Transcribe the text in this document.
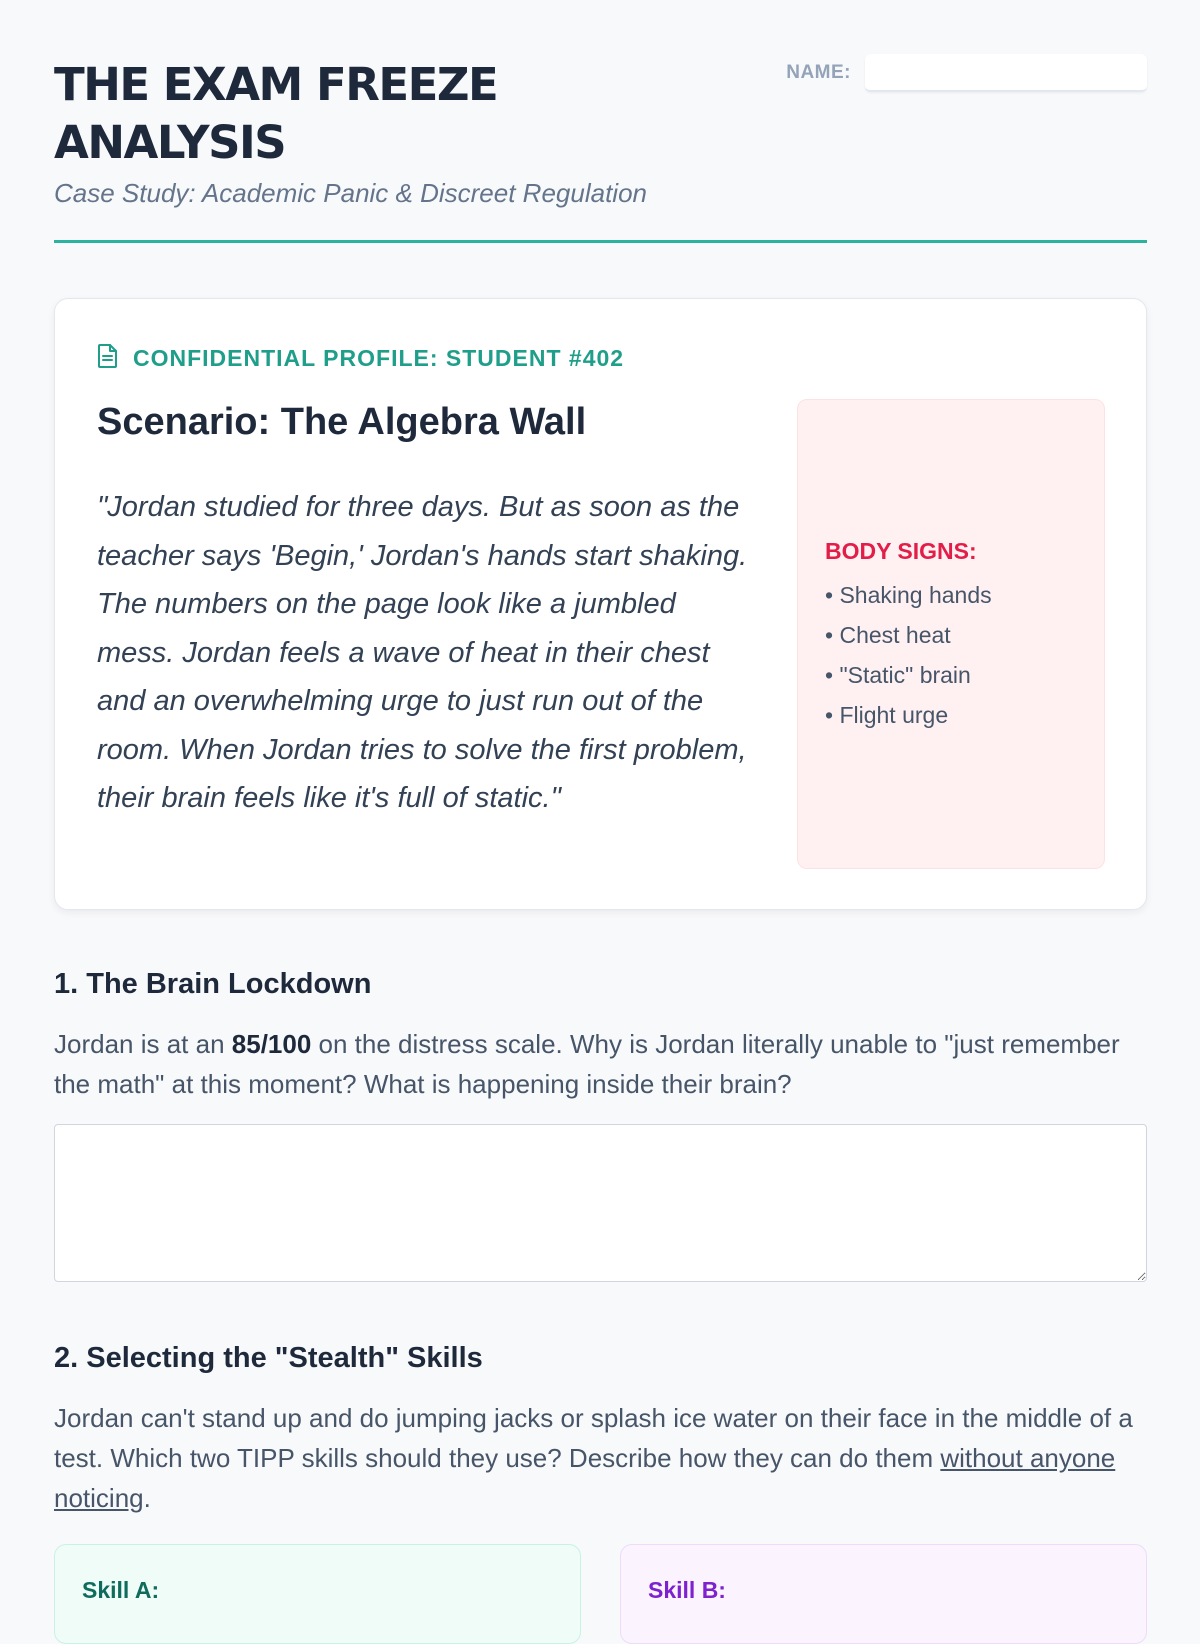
THE EXAM FREEZE ANALYSIS

Case Study: Academic Panic & Discreet Regulation

NAME:
CONFIDENTIAL PROFILE: STUDENT #402
Scenario: The Algebra Wall

"Jordan studied for three days. But as soon as the teacher says 'Begin,' Jordan's hands start shaking. The numbers on the page look like a jumbled mess. Jordan feels a wave of heat in their chest and an overwhelming urge to just run out of the room. When Jordan tries to solve the first problem, their brain feels like it's full of static."

BODY SIGNS:

• Shaking hands
• Chest heat
• "Static" brain
• Flight urge
1. The Brain Lockdown

Jordan is at an 85/100 on the distress scale. Why is Jordan literally unable to "just remember the math" at this moment? What is happening inside their brain?

2. Selecting the "Stealth" Skills

Jordan can't stand up and do jumping jacks or splash ice water on their face in the middle of a test. Which two TIPP skills should they use? Describe how they can do them without anyone noticing.

Skill A:	Skill B:
